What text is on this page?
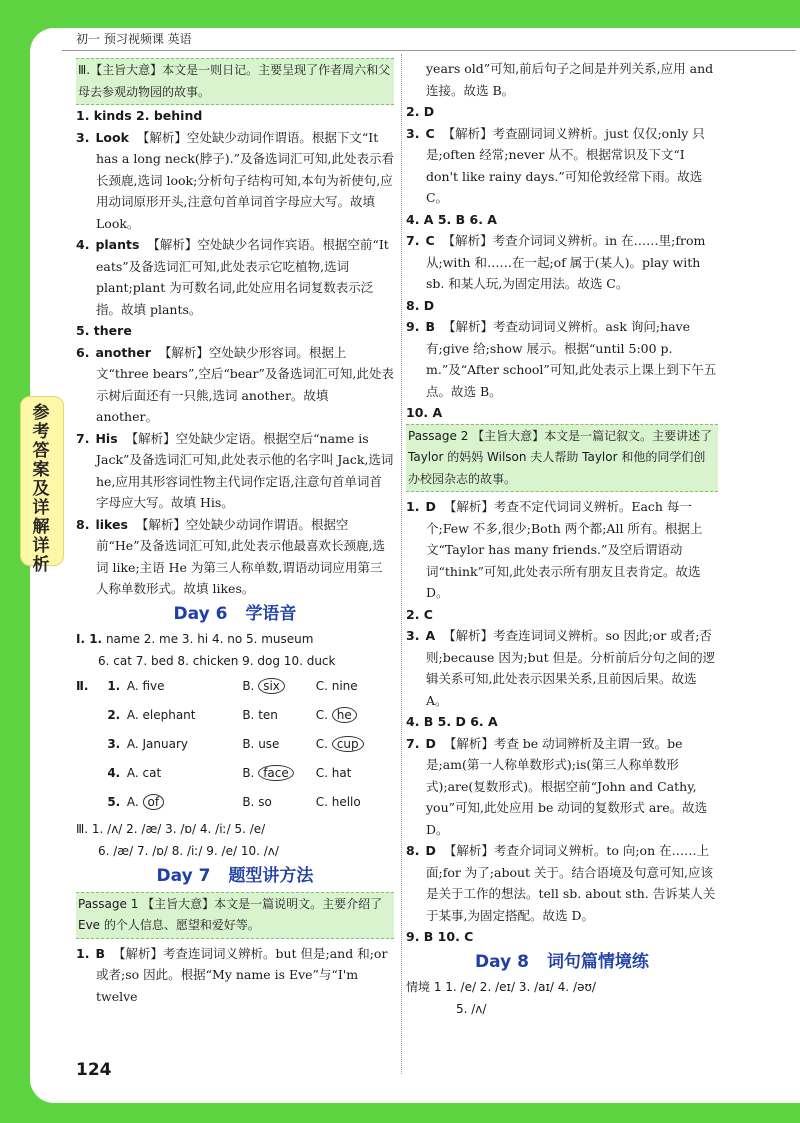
初一 预习视频课 英语
参考答案及详解详析

Ⅲ.【主旨大意】本文是一则日记。主要呈现了作者周六和父母去参观动物园的故事。

1. kinds 2. behind

3. Look 【解析】空处缺少动词作谓语。根据下文“It has a long neck(脖子).”及备选词汇可知,此处表示看长颈鹿,选词 look;分析句子结构可知,本句为祈使句,应用动词原形开头,注意句首单词首字母应大写。故填 Look。

4. plants 【解析】空处缺少名词作宾语。根据空前“It eats”及备选词汇可知,此处表示它吃植物,选词 plant;plant 为可数名词,此处应用名词复数表示泛指。故填 plants。

5. there

6. another 【解析】空处缺少形容词。根据上文“three bears”,空后“bear”及备选词汇可知,此处表示树后面还有一只熊,选词 another。故填 another。

7. His 【解析】空处缺少定语。根据空后“name is Jack”及备选词汇可知,此处表示他的名字叫 Jack,选词 he,应用其形容词性物主代词作定语,注意句首单词首字母应大写。故填 His。

8. likes 【解析】空处缺少动词作谓语。根据空前“He”及备选词汇可知,此处表示他最喜欢长颈鹿,选词 like;主语 He 为第三人称单数,谓语动词应用第三人称单数形式。故填 likes。

Day 6 学语音
Ⅰ. 1. name 2. me 3. hi 4. no 5. museum
6. cat 7. bed 8. chicken 9. dog 10. duck
Ⅱ.	1. A. five	B. six	C. nine
2. A. elephant	B. ten	C. he
3. A. January	B. use	C. cup
4. A. cat	B. face	C. hat
5. A. of	B. so	C. hello
Ⅲ. 1. /ʌ/ 2. /æ/ 3. /ɒ/ 4. /iː/ 5. /e/
6. /æ/ 7. /ɒ/ 8. /iː/ 9. /e/ 10. /ʌ/
Day 7 题型讲方法

Passage 1 【主旨大意】本文是一篇说明文。主要介绍了 Eve 的个人信息、愿望和爱好等。

1. B 【解析】考查连词词义辨析。but 但是;and 和;or 或者;so 因此。根据“My name is Eve”与“I'm twelve

years old”可知,前后句子之间是并列关系,应用 and 连接。故选 B。

2. D

3. C 【解析】考查副词词义辨析。just 仅仅;only 只是;often 经常;never 从不。根据常识及下文“I don't like rainy days.”可知伦敦经常下雨。故选 C。

4. A 5. B 6. A

7. C 【解析】考查介词词义辨析。in 在……里;from 从;with 和……在一起;of 属于(某人)。play with sb. 和某人玩,为固定用法。故选 C。

8. D

9. B 【解析】考查动词词义辨析。ask 询问;have 有;give 给;show 展示。根据“until 5:00 p. m.”及“After school”可知,此处表示上课上到下午五点。故选 B。

10. A

Passage 2 【主旨大意】本文是一篇记叙文。主要讲述了 Taylor 的妈妈 Wilson 夫人帮助 Taylor 和他的同学们创办校园杂志的故事。

1. D 【解析】考查不定代词词义辨析。Each 每一个;Few 不多,很少;Both 两个都;All 所有。根据上文“Taylor has many friends.”及空后谓语动词“think”可知,此处表示所有朋友且表肯定。故选 D。

2. C

3. A 【解析】考查连词词义辨析。so 因此;or 或者;否则;because 因为;but 但是。分析前后分句之间的逻辑关系可知,此处表示因果关系,且前因后果。故选 A。

4. B 5. D 6. A

7. D 【解析】考查 be 动词辨析及主谓一致。be 是;am(第一人称单数形式);is(第三人称单数形式);are(复数形式)。根据空前“John and Cathy, you”可知,此处应用 be 动词的复数形式 are。故选 D。

8. D 【解析】考查介词词义辨析。to 向;on 在……上面;for 为了;about 关于。结合语境及句意可知,应该是关于工作的想法。tell sb. about sth. 告诉某人关于某事,为固定搭配。故选 D。

9. B 10. C

Day 8 词句篇情境练
情境 1 1. /e/ 2. /eɪ/ 3. /aɪ/ 4. /əʊ/
5. /ʌ/
124
